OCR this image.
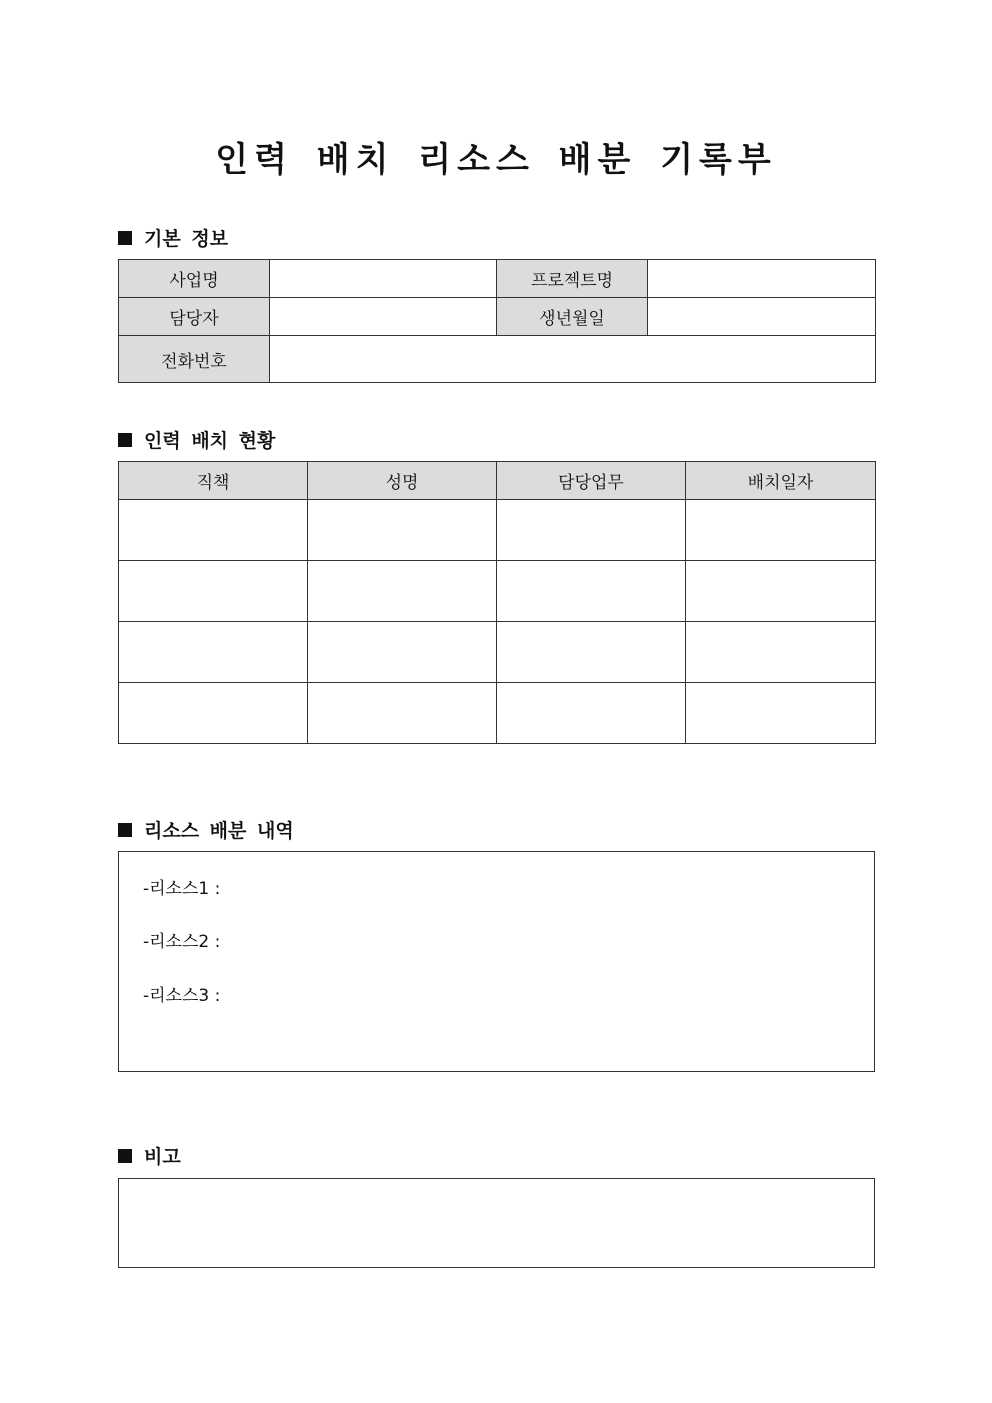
인력 배치 리소스 배분 기록부
기본 정보
사업명		프로젝트명	
담당자		생년월일	
전화번호			
인력 배치 현황
직책	성명	담당업무	배치일자

리소스 배분 내역
-리소스1 :
-리소스2 :
-리소스3 :
비고
